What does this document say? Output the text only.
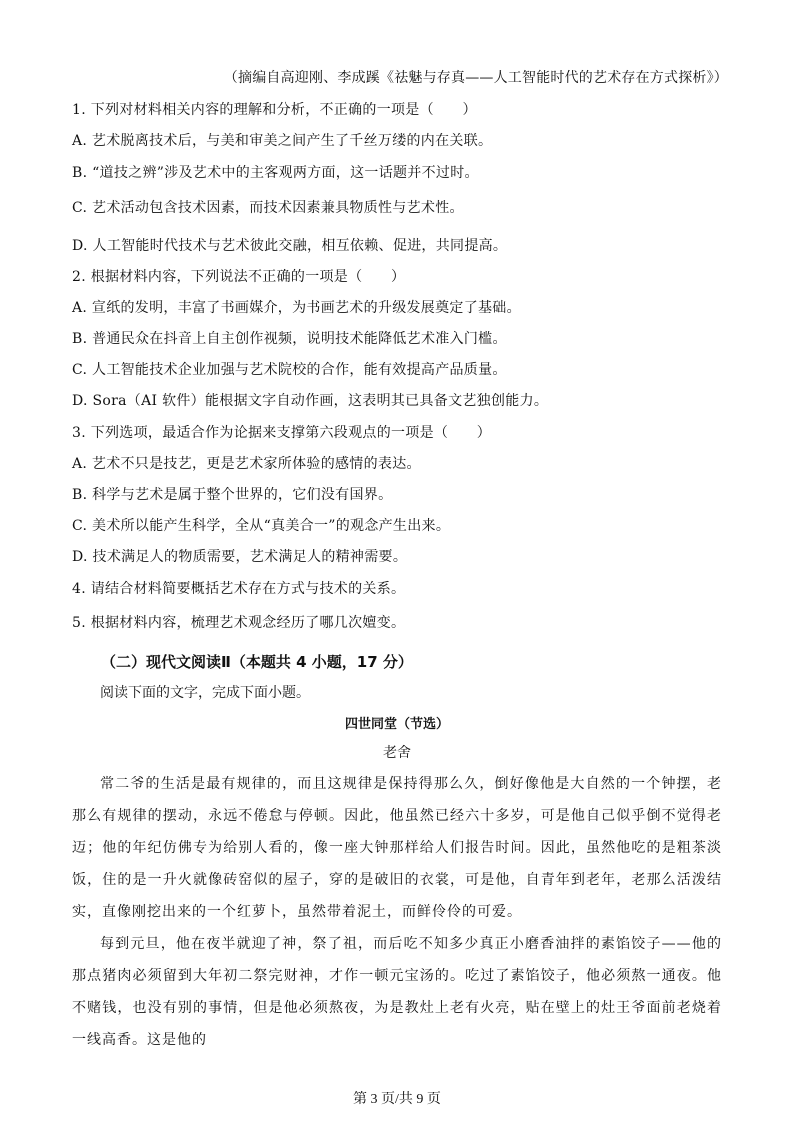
（摘编自高迎刚、李成蹊《祛魅与存真——人工智能时代的艺术存在方式探析》）
1. 下列对材料相关内容的理解和分析，不正确的一项是（　　）
A. 艺术脱离技术后，与美和审美之间产生了千丝万缕的内在关联。
B. “道技之辨”涉及艺术中的主客观两方面，这一话题并不过时。
C. 艺术活动包含技术因素，而技术因素兼具物质性与艺术性。
D. 人工智能时代技术与艺术彼此交融，相互依赖、促进，共同提高。
2. 根据材料内容，下列说法不正确的一项是（　　）
A. 宣纸的发明，丰富了书画媒介，为书画艺术的升级发展奠定了基础。
B. 普通民众在抖音上自主创作视频，说明技术能降低艺术准入门槛。
C. 人工智能技术企业加强与艺术院校的合作，能有效提高产品质量。
D. Sora（AI 软件）能根据文字自动作画，这表明其已具备文艺独创能力。
3. 下列选项，最适合作为论据来支撑第六段观点的一项是（　　）
A. 艺术不只是技艺，更是艺术家所体验的感情的表达。
B. 科学与艺术是属于整个世界的，它们没有国界。
C. 美术所以能产生科学，全从“真美合一”的观念产生出来。
D. 技术满足人的物质需要，艺术满足人的精神需要。
4. 请结合材料简要概括艺术存在方式与技术的关系。
5. 根据材料内容，梳理艺术观念经历了哪几次嬗变。
（二）现代文阅读Ⅱ（本题共 4 小题，17 分）
阅读下面的文字，完成下面小题。
四世同堂（节选）
老舍
常二爷的生活是最有规律的，而且这规律是保持得那么久，倒好像他是大自然的一个钟摆，老那么有规律的摆动，永远不倦怠与停顿。因此，他虽然已经六十多岁，可是他自己似乎倒不觉得老迈；他的年纪仿佛专为给别人看的，像一座大钟那样给人们报告时间。因此，虽然他吃的是粗茶淡饭，住的是一升火就像砖窑似的屋子，穿的是破旧的衣裳，可是他，自青年到老年，老那么活泼结实，直像刚挖出来的一个红萝卜，虽然带着泥土，而鲜伶伶的可爱。
每到元旦，他在夜半就迎了神，祭了祖，而后吃不知多少真正小磨香油拌的素馅饺子——他的那点猪肉必须留到大年初二祭完财神，才作一顿元宝汤的。吃过了素馅饺子，他必须熬一通夜。他不赌钱，也没有别的事情，但是他必须熬夜，为是教灶上老有火亮，贴在壁上的灶王爷面前老烧着一线高香。这是他的
第 3 页/共 9 页
